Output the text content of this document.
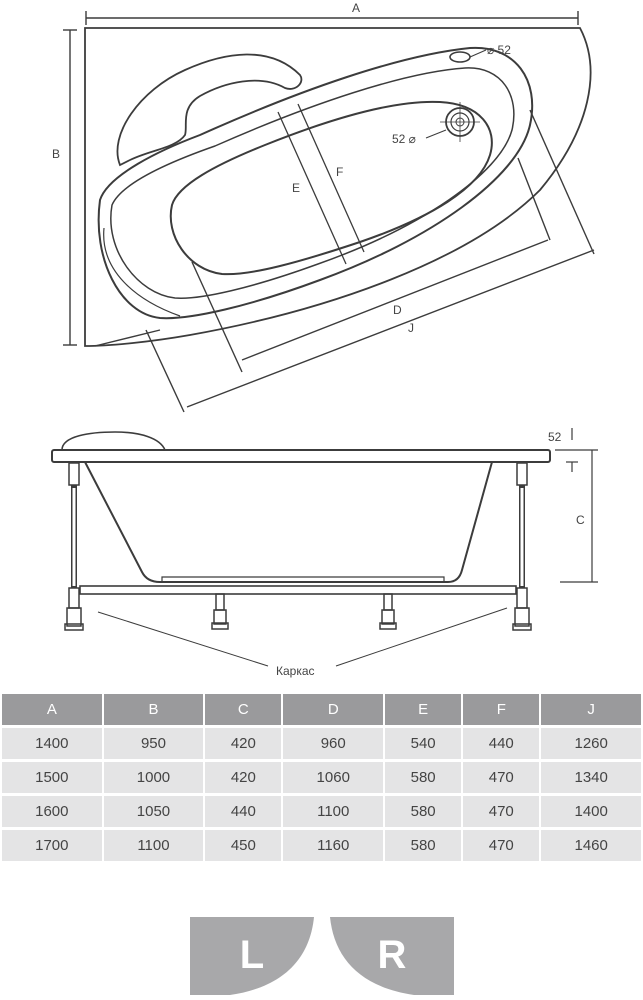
A
B
E
F
D
J
⌀ 52
52 ⌀
52
C
Каркас
A	B	C	D	E	F	J
1400	950	420	960	540	440	1260
1500	1000	420	1060	580	470	1340
1600	1050	440	1100	580	470	1400
1700	1100	450	1160	580	470	1460
L	R
